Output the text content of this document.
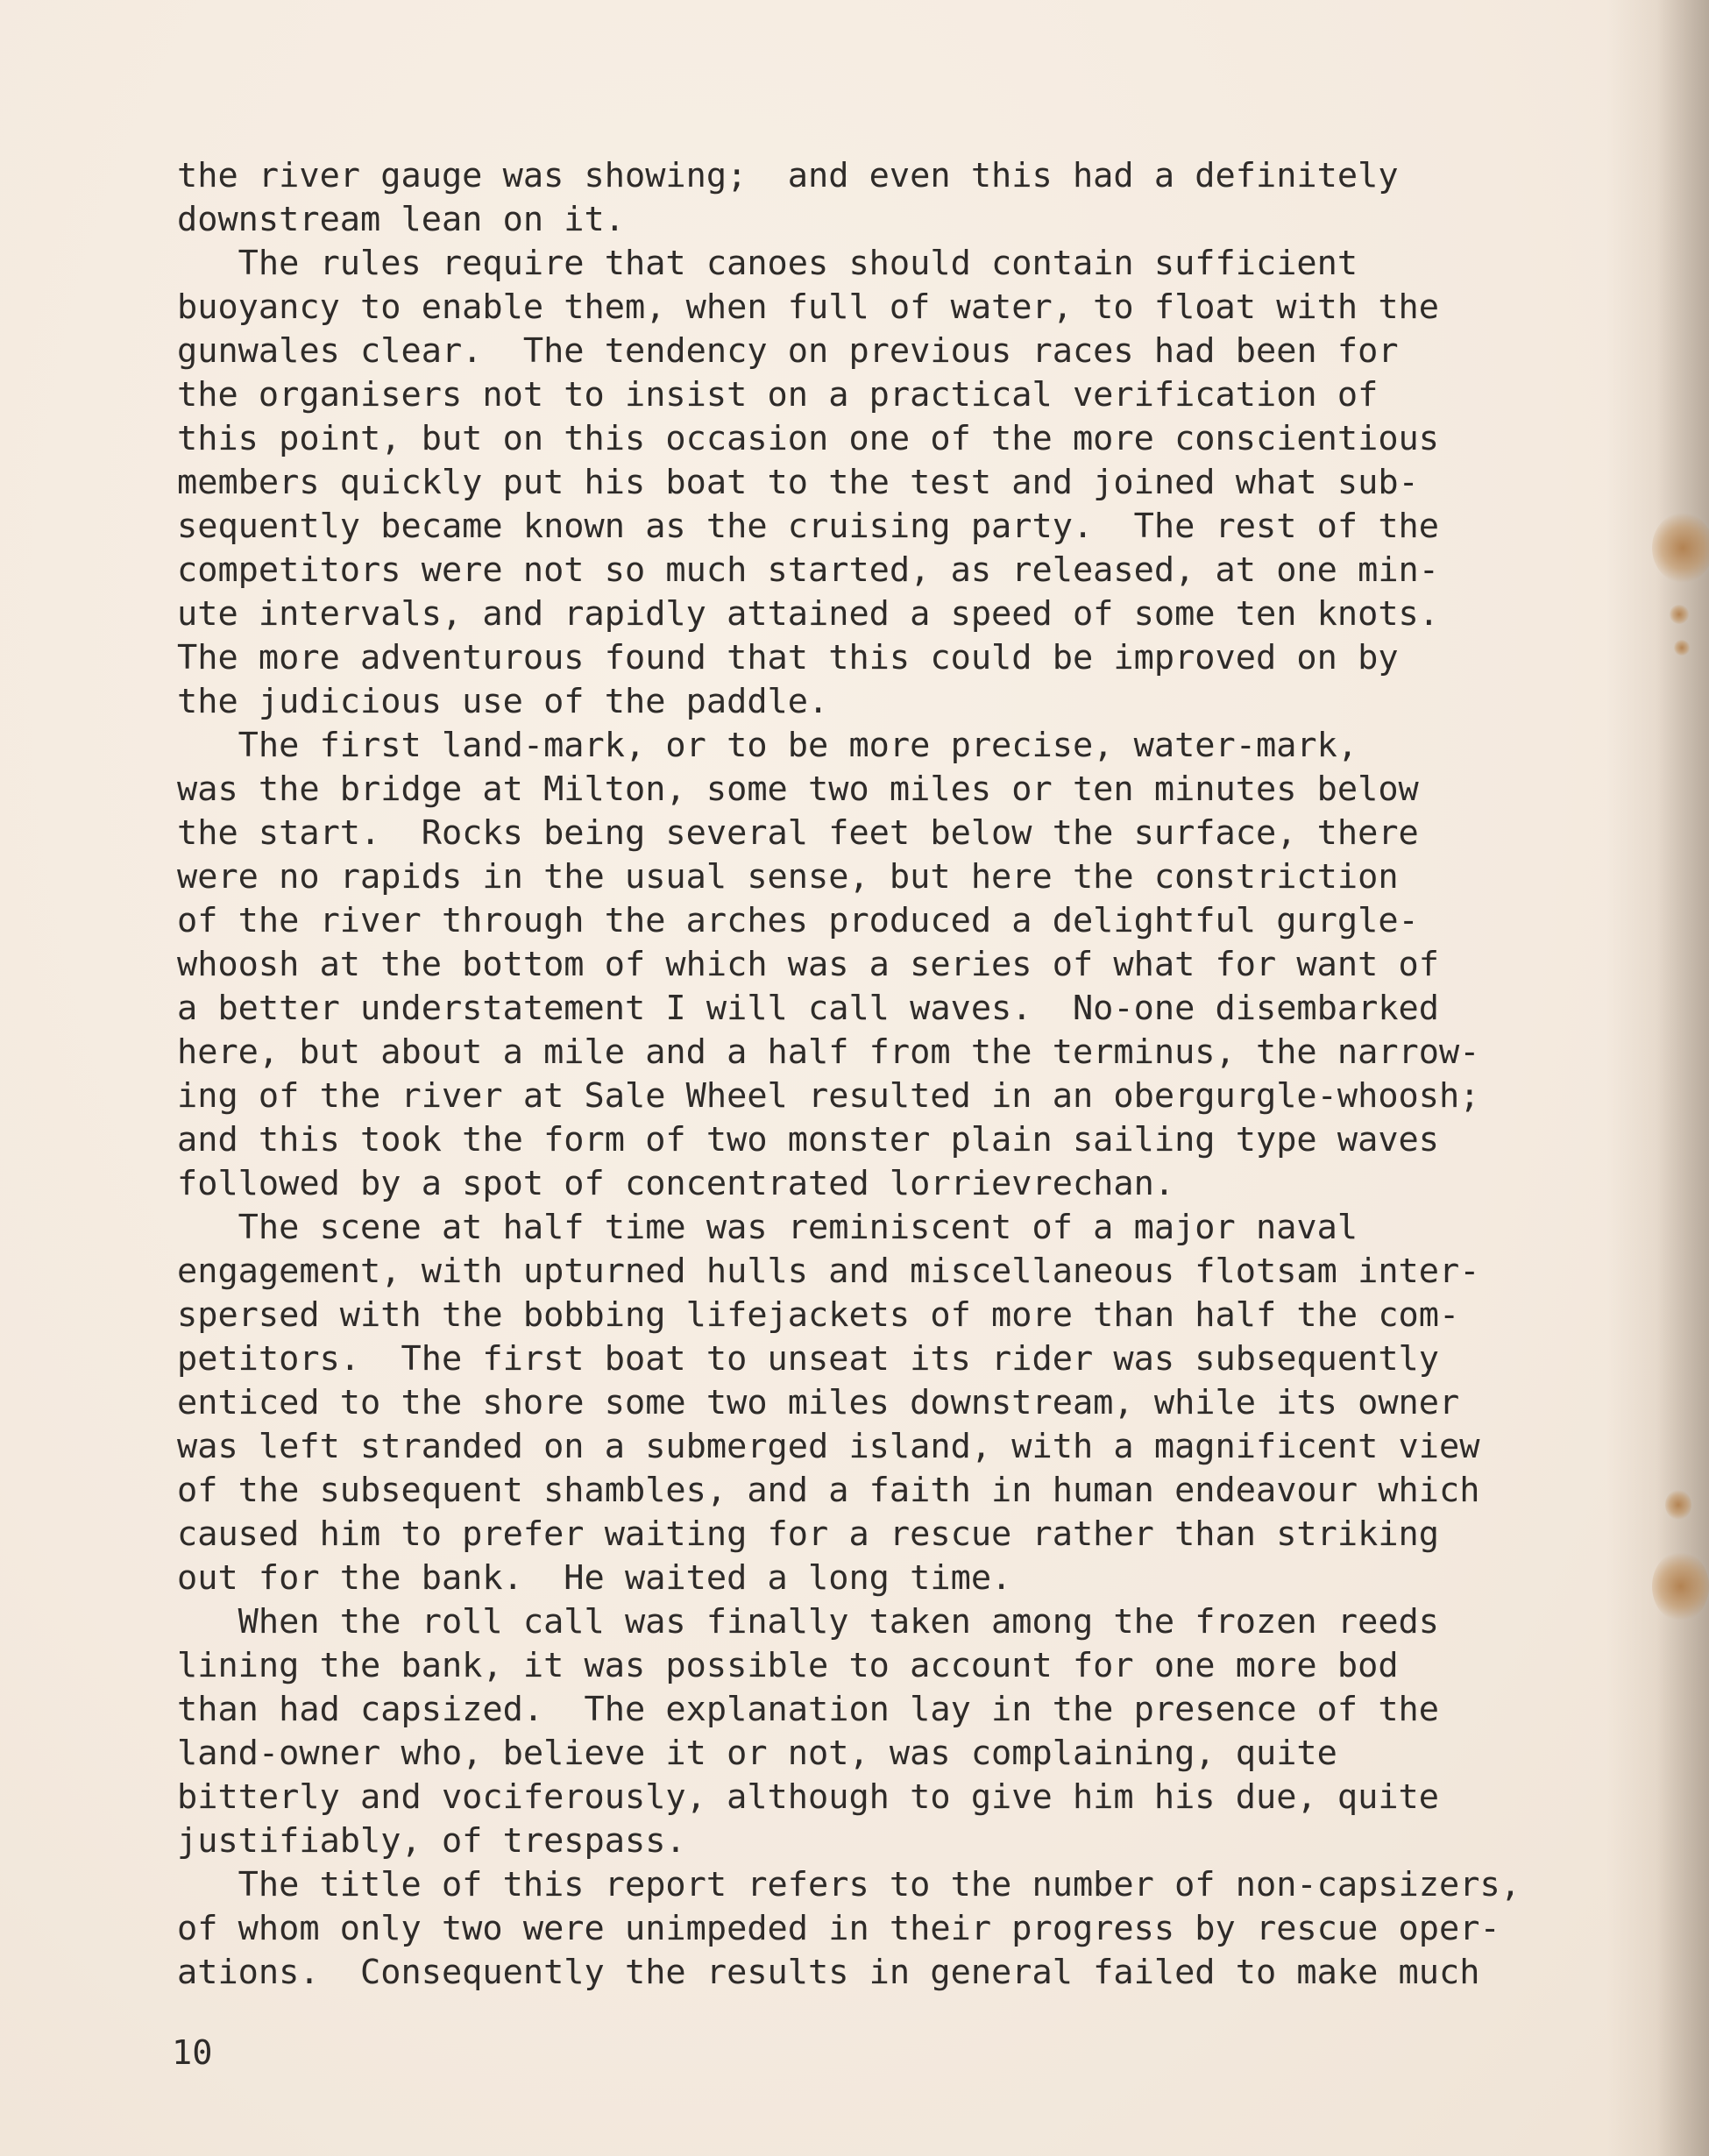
the river gauge was showing;  and even this had a definitely
downstream lean on it.
The rules require that canoes should contain sufficient
buoyancy to enable them, when full of water, to float with the
gunwales clear.  The tendency on previous races had been for
the organisers not to insist on a practical verification of
this point, but on this occasion one of the more conscientious
members quickly put his boat to the test and joined what sub-
sequently became known as the cruising party.  The rest of the
competitors were not so much started, as released, at one min-
ute intervals, and rapidly attained a speed of some ten knots.
The more adventurous found that this could be improved on by
the judicious use of the paddle.
The first land-mark, or to be more precise, water-mark,
was the bridge at Milton, some two miles or ten minutes below
the start.  Rocks being several feet below the surface, there
were no rapids in the usual sense, but here the constriction
of the river through the arches produced a delightful gurgle-
whoosh at the bottom of which was a series of what for want of
a better understatement I will call waves.  No-one disembarked
here, but about a mile and a half from the terminus, the narrow-
ing of the river at Sale Wheel resulted in an obergurgle-whoosh;
and this took the form of two monster plain sailing type waves
followed by a spot of concentrated lorrievrechan.
The scene at half time was reminiscent of a major naval
engagement, with upturned hulls and miscellaneous flotsam inter-
spersed with the bobbing lifejackets of more than half the com-
petitors.  The first boat to unseat its rider was subsequently
enticed to the shore some two miles downstream, while its owner
was left stranded on a submerged island, with a magnificent view
of the subsequent shambles, and a faith in human endeavour which
caused him to prefer waiting for a rescue rather than striking
out for the bank.  He waited a long time.
When the roll call was finally taken among the frozen reeds
lining the bank, it was possible to account for one more bod
than had capsized.  The explanation lay in the presence of the
land-owner who, believe it or not, was complaining, quite
bitterly and vociferously, although to give him his due, quite
justifiably, of trespass.
The title of this report refers to the number of non-capsizers,
of whom only two were unimpeded in their progress by rescue oper-
ations.  Consequently the results in general failed to make much
10
